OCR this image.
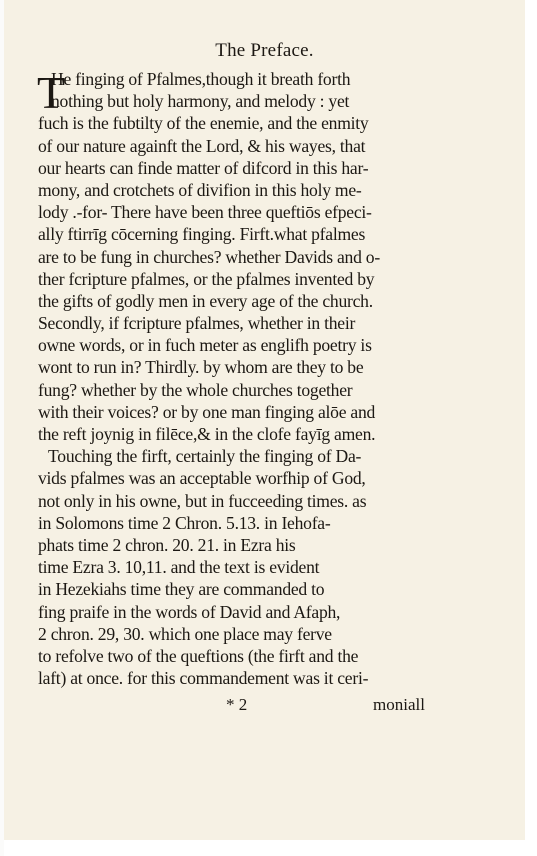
The Preface.
T
He finging of Pfalmes,though it breath forth
nothing but holy harmony, and melody : yet
fuch is the fubtilty of the enemie, and the enmity
of our nature againft the Lord, & his wayes, that
our hearts can finde matter of difcord in this har-
mony, and crotchets of divifion in this holy me-
lody .-for- There have been three queftiōs efpeci-
ally ftirrīg cōcerning finging. Firft.what pfalmes
are to be fung in churches? whether Davids and o-
ther fcripture pfalmes, or the pfalmes invented by
the gifts of godly men in every age of the church.
Secondly, if fcripture pfalmes, whether in their
owne words, or in fuch meter as englifh poetry is
wont to run in? Thirdly. by whom are they to be
fung? whether by the whole churches together
with their voices? or by one man finging alōe and
the reft joynig in filēce,& in the clofe fayīg amen.
Touching the firft, certainly the finging of Da-
vids pfalmes was an acceptable worfhip of God,
not only in his owne, but in fucceeding times. as
in Solomons time 2 Chron. 5.13. in Iehofa-
phats time 2 chron. 20. 21. in Ezra his
time Ezra 3. 10,11. and the text is evident
in Hezekiahs time they are commanded to
fing praife in the words of David and Afaph,
2 chron. 29, 30. which one place may ferve
to refolve two of the queftions (the firft and the
laft) at once. for this commandement was it ceri-
* 2	moniall
